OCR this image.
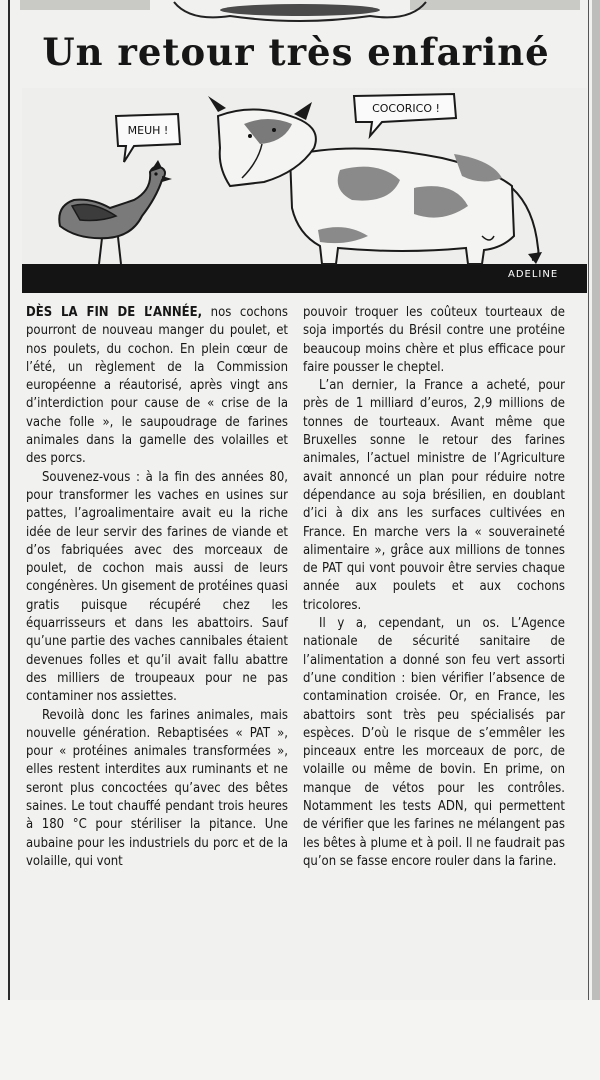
Un retour très enfariné
MEUH !
COCORICO !
ADELINE

DÈS LA FIN DE L’ANNÉE, nos cochons pourront de nouveau manger du poulet, et nos poulets, du cochon. En plein cœur de l’été, un règlement de la Commission européenne a réautorisé, après vingt ans d’interdiction pour cause de « crise de la vache folle », le saupoudrage de farines animales dans la gamelle des volailles et des porcs.

Souvenez-vous : à la fin des années 80, pour transformer les vaches en usines sur pattes, l’agroalimentaire avait eu la riche idée de leur servir des farines de viande et d’os fabriquées avec des morceaux de poulet, de cochon mais aussi de leurs congénères. Un gisement de protéines quasi gratis puisque récupéré chez les équarrisseurs et dans les abattoirs. Sauf qu’une partie des vaches cannibales étaient devenues folles et qu’il avait fallu abattre des milliers de troupeaux pour ne pas contaminer nos assiettes.

Revoilà donc les farines animales, mais nouvelle génération. Rebaptisées « PAT », pour « protéines animales transformées », elles restent interdites aux ruminants et ne seront plus concoctées qu’avec des bêtes saines. Le tout chauffé pendant trois heures à 180 °C pour stériliser la pitance. Une aubaine pour les industriels du porc et de la volaille, qui vont

pouvoir troquer les coûteux tourteaux de soja importés du Brésil contre une protéine beaucoup moins chère et plus efficace pour faire pousser le cheptel.

L’an dernier, la France a acheté, pour près de 1 milliard d’euros, 2,9 millions de tonnes de tourteaux. Avant même que Bruxelles sonne le retour des farines animales, l’actuel ministre de l’Agriculture avait annoncé un plan pour réduire notre dépendance au soja brésilien, en doublant d’ici à dix ans les surfaces cultivées en France. En marche vers la « souveraineté alimentaire », grâce aux millions de tonnes de PAT qui vont pouvoir être servies chaque année aux poulets et aux cochons tricolores.

Il y a, cependant, un os. L’Agence nationale de sécurité sanitaire de l’alimentation a donné son feu vert assorti d’une condition : bien vérifier l’absence de contamination croisée. Or, en France, les abattoirs sont très peu spécialisés par espèces. D’où le risque de s’emmêler les pinceaux entre les morceaux de porc, de volaille ou même de bovin. En prime, on manque de vétos pour les contrôles. Notamment les tests ADN, qui permettent de vérifier que les farines ne mélangent pas les bêtes à plume et à poil. Il ne faudrait pas qu’on se fasse encore rouler dans la farine.
